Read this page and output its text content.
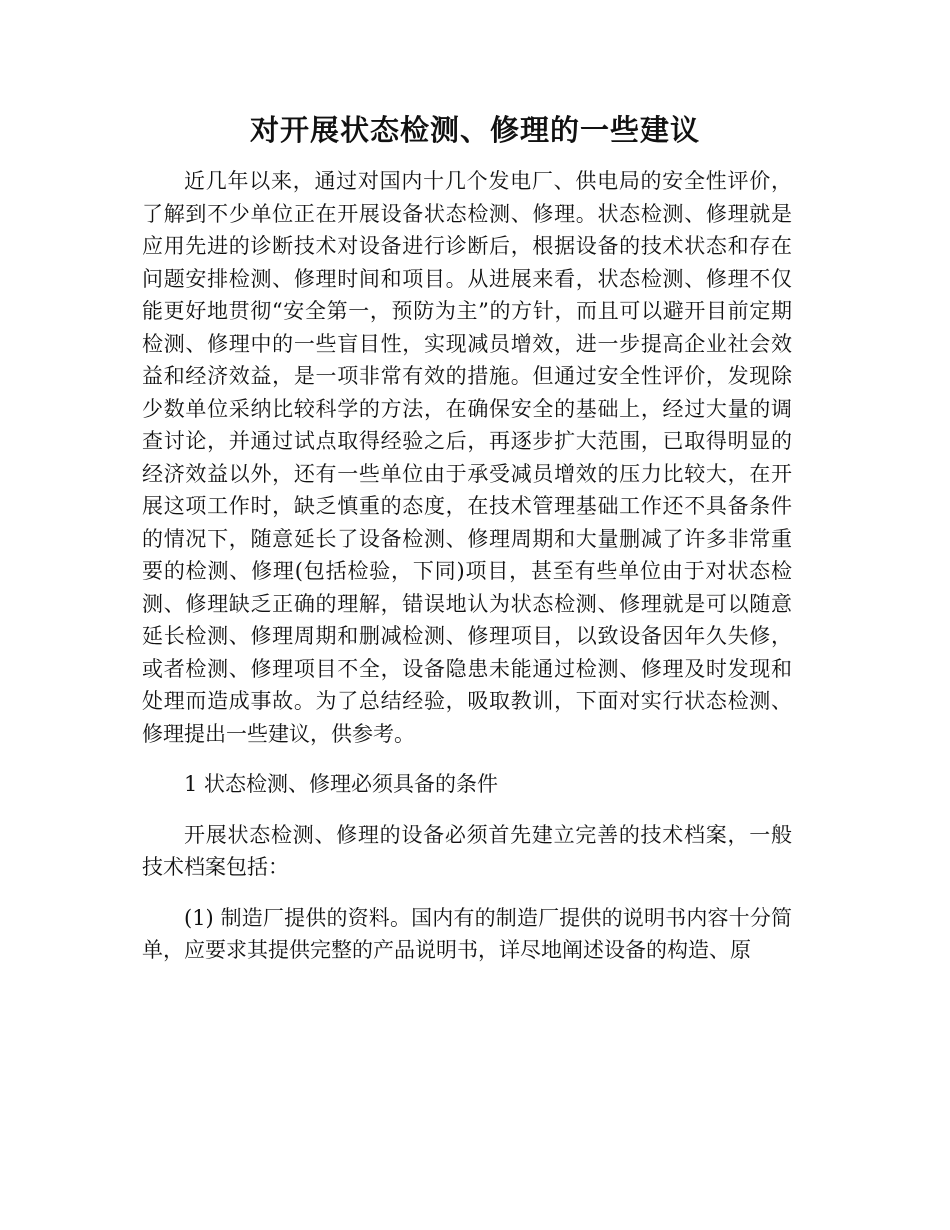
对开展状态检测、修理的一些建议

近几年以来，通过对国内十几个发电厂、供电局的安全性评价，了解到不少单位正在开展设备状态检测、修理。状态检测、修理就是应用先进的诊断技术对设备进行诊断后，根据设备的技术状态和存在问题安排检测、修理时间和项目。从进展来看，状态检测、修理不仅能更好地贯彻“安全第一，预防为主”的方针，而且可以避开目前定期检测、修理中的一些盲目性，实现减员增效，进一步提高企业社会效益和经济效益，是一项非常有效的措施。但通过安全性评价，发现除少数单位采纳比较科学的方法，在确保安全的基础上，经过大量的调查讨论，并通过试点取得经验之后，再逐步扩大范围，已取得明显的经济效益以外，还有一些单位由于承受减员增效的压力比较大，在开展这项工作时，缺乏慎重的态度，在技术管理基础工作还不具备条件的情况下，随意延长了设备检测、修理周期和大量删减了许多非常重要的检测、修理(包括检验，下同)项目，甚至有些单位由于对状态检测、修理缺乏正确的理解，错误地认为状态检测、修理就是可以随意延长检测、修理周期和删减检测、修理项目，以致设备因年久失修，或者检测、修理项目不全，设备隐患未能通过检测、修理及时发现和处理而造成事故。为了总结经验，吸取教训，下面对实行状态检测、修理提出一些建议，供参考。

1 状态检测、修理必须具备的条件

开展状态检测、修理的设备必须首先建立完善的技术档案，一般技术档案包括：

(1) 制造厂提供的资料。国内有的制造厂提供的说明书内容十分简单，应要求其提供完整的产品说明书，详尽地阐述设备的构造、原
